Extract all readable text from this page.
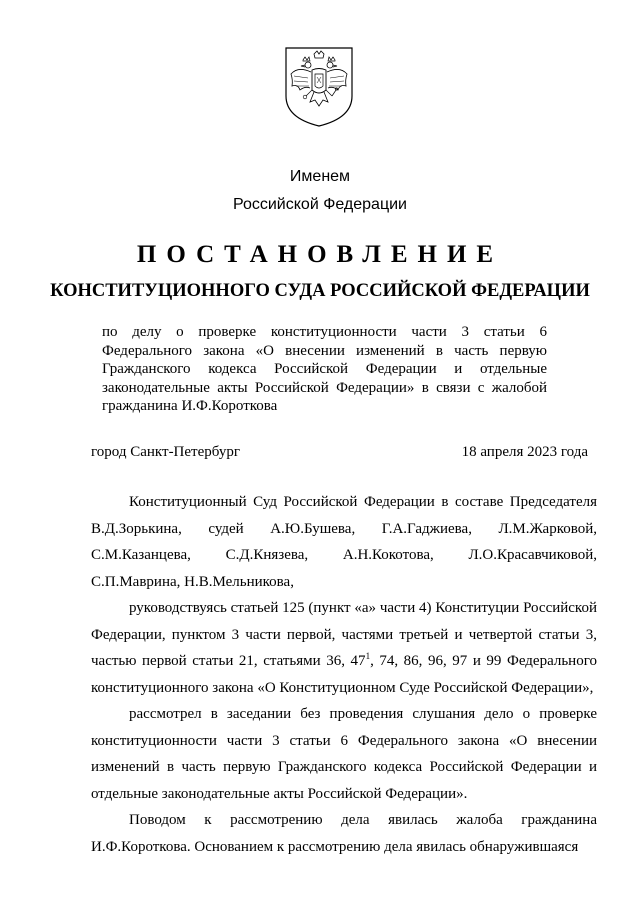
Именем
Российской Федерации
ПОСТАНОВЛЕНИЕ
КОНСТИТУЦИОННОГО СУДА РОССИЙСКОЙ ФЕДЕРАЦИИ
по делу о проверке конституционности части 3 статьи 6 Федерального закона «О внесении изменений в часть первую Гражданского кодекса Российской Федерации и отдельные законодательные акты Российской Федерации» в связи с жалобой гражданина И.Ф.Короткова
город Санкт-Петербург	18 апреля 2023 года

Конституционный Суд Российской Федерации в составе Председателя В.Д.Зорькина, судей А.Ю.Бушева, Г.А.Гаджиева, Л.М.Жарковой, С.М.Казанцева, С.Д.Князева, А.Н.Кокотова, Л.О.Красавчиковой, С.П.Маврина, Н.В.Мельникова,

руководствуясь статьей 125 (пункт «а» части 4) Конституции Российской Федерации, пунктом 3 части первой, частями третьей и четвертой статьи 3, частью первой статьи 21, статьями 36, $47^1$, 74, 86, 96, 97 и 99 Федерального конституционного закона «О Конституционном Суде Российской Федерации»,

рассмотрел в заседании без проведения слушания дело о проверке конституционности части 3 статьи 6 Федерального закона «О внесении изменений в часть первую Гражданского кодекса Российской Федерации и отдельные законодательные акты Российской Федерации».

Поводом к рассмотрению дела явилась жалоба гражданина И.Ф.Короткова. Основанием к рассмотрению дела явилась обнаружившаяся
